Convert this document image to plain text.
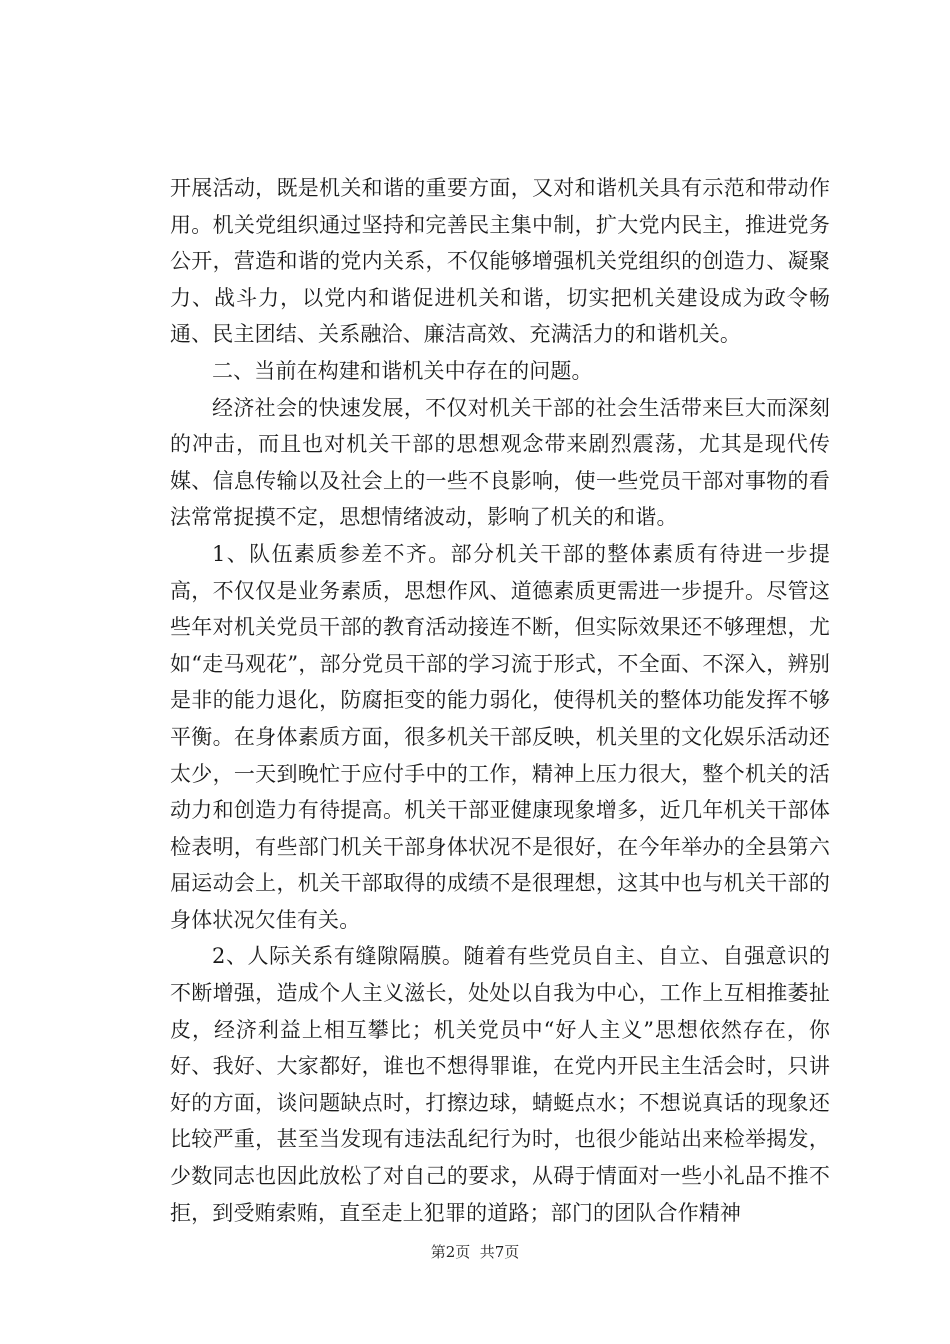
开展活动，既是机关和谐的重要方面，又对和谐机关具有示范和带动作用。机关党组织通过坚持和完善民主集中制，扩大党内民主，推进党务公开，营造和谐的党内关系，不仅能够增强机关党组织的创造力、凝聚力、战斗力，以党内和谐促进机关和谐，切实把机关建设成为政令畅通、民主团结、关系融洽、廉洁高效、充满活力的和谐机关。

二、当前在构建和谐机关中存在的问题。

经济社会的快速发展，不仅对机关干部的社会生活带来巨大而深刻的冲击，而且也对机关干部的思想观念带来剧烈震荡，尤其是现代传媒、信息传输以及社会上的一些不良影响，使一些党员干部对事物的看法常常捉摸不定，思想情绪波动，影响了机关的和谐。

1、队伍素质参差不齐。部分机关干部的整体素质有待进一步提高，不仅仅是业务素质，思想作风、道德素质更需进一步提升。尽管这些年对机关党员干部的教育活动接连不断，但实际效果还不够理想，尤如“走马观花”，部分党员干部的学习流于形式，不全面、不深入，辨别是非的能力退化，防腐拒变的能力弱化，使得机关的整体功能发挥不够平衡。在身体素质方面，很多机关干部反映，机关里的文化娱乐活动还太少，一天到晚忙于应付手中的工作，精神上压力很大，整个机关的活动力和创造力有待提高。机关干部亚健康现象增多，近几年机关干部体检表明，有些部门机关干部身体状况不是很好，在今年举办的全县第六届运动会上，机关干部取得的成绩不是很理想，这其中也与机关干部的身体状况欠佳有关。

2、人际关系有缝隙隔膜。随着有些党员自主、自立、自强意识的不断增强，造成个人主义滋长，处处以自我为中心，工作上互相推萎扯皮，经济利益上相互攀比；机关党员中“好人主义”思想依然存在，你好、我好、大家都好，谁也不想得罪谁，在党内开民主生活会时，只讲好的方面，谈问题缺点时，打擦边球，蜻蜓点水；不想说真话的现象还比较严重，甚至当发现有违法乱纪行为时，也很少能站出来检举揭发，少数同志也因此放松了对自己的要求，从碍于情面对一些小礼品不推不拒，到受贿索贿，直至走上犯罪的道路；部门的团队合作精神

第2页  共7页
